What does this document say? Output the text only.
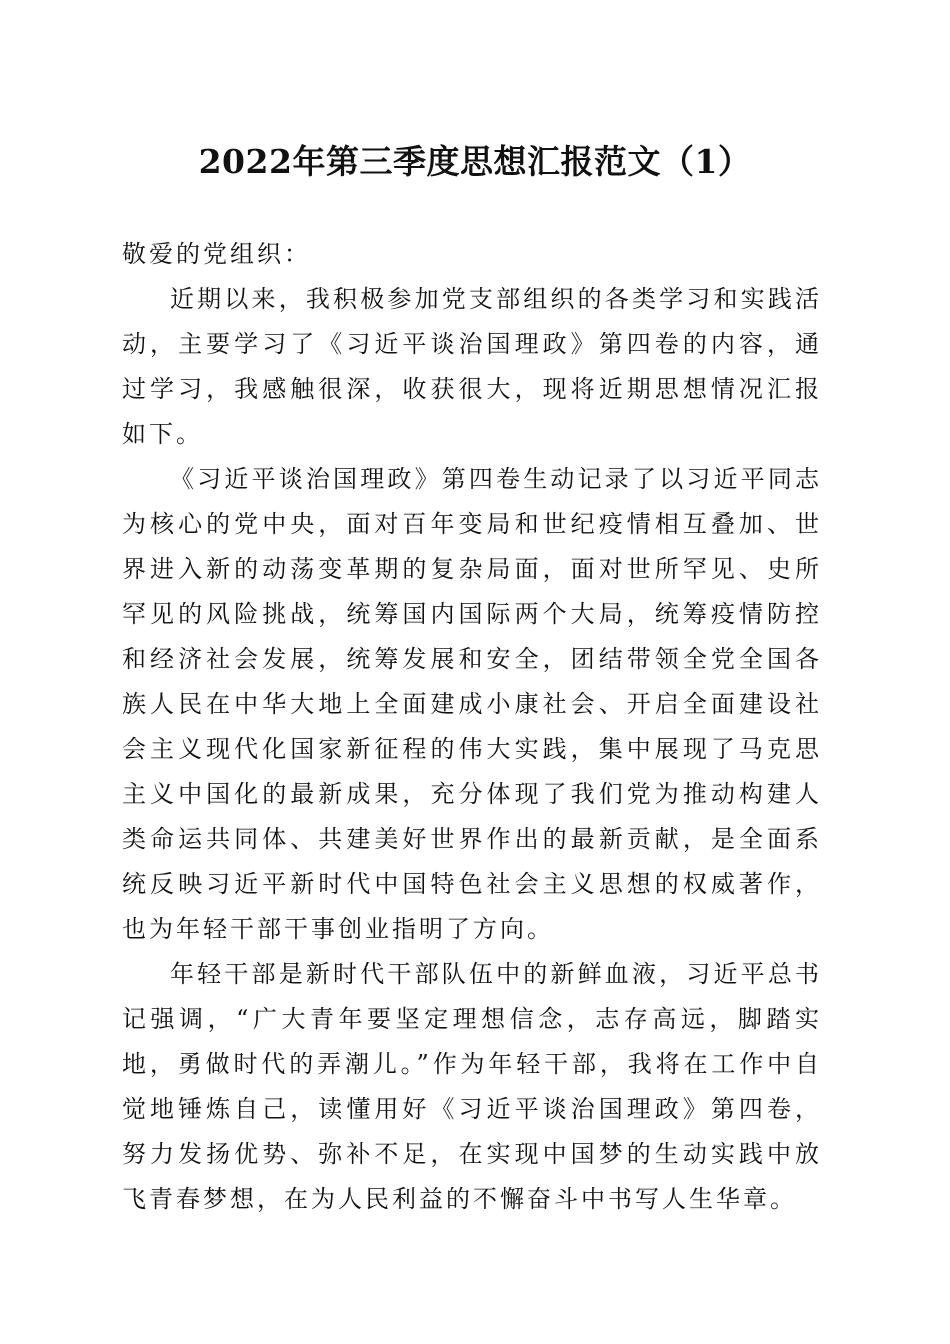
2022年第三季度思想汇报范文（1）

敬爱的党组织：

近期以来，我积极参加党支部组织的各类学习和实践活动，主要学习了《习近平谈治国理政》第四卷的内容，通过学习，我感触很深，收获很大，现将近期思想情况汇报如下。

《习近平谈治国理政》第四卷生动记录了以习近平同志为核心的党中央，面对百年变局和世纪疫情相互叠加、世界进入新的动荡变革期的复杂局面，面对世所罕见、史所罕见的风险挑战，统筹国内国际两个大局，统筹疫情防控和经济社会发展，统筹发展和安全，团结带领全党全国各族人民在中华大地上全面建成小康社会、开启全面建设社会主义现代化国家新征程的伟大实践，集中展现了马克思主义中国化的最新成果，充分体现了我们党为推动构建人类命运共同体、共建美好世界作出的最新贡献，是全面系统反映习近平新时代中国特色社会主义思想的权威著作，也为年轻干部干事创业指明了方向。

年轻干部是新时代干部队伍中的新鲜血液，习近平总书记强调，“广大青年要坚定理想信念，志存高远，脚踏实地，勇做时代的弄潮儿。”作为年轻干部，我将在工作中自觉地锤炼自己，读懂用好《习近平谈治国理政》第四卷，努力发扬优势、弥补不足，在实现中国梦的生动实践中放飞青春梦想，在为人民利益的不懈奋斗中书写人生华章。
